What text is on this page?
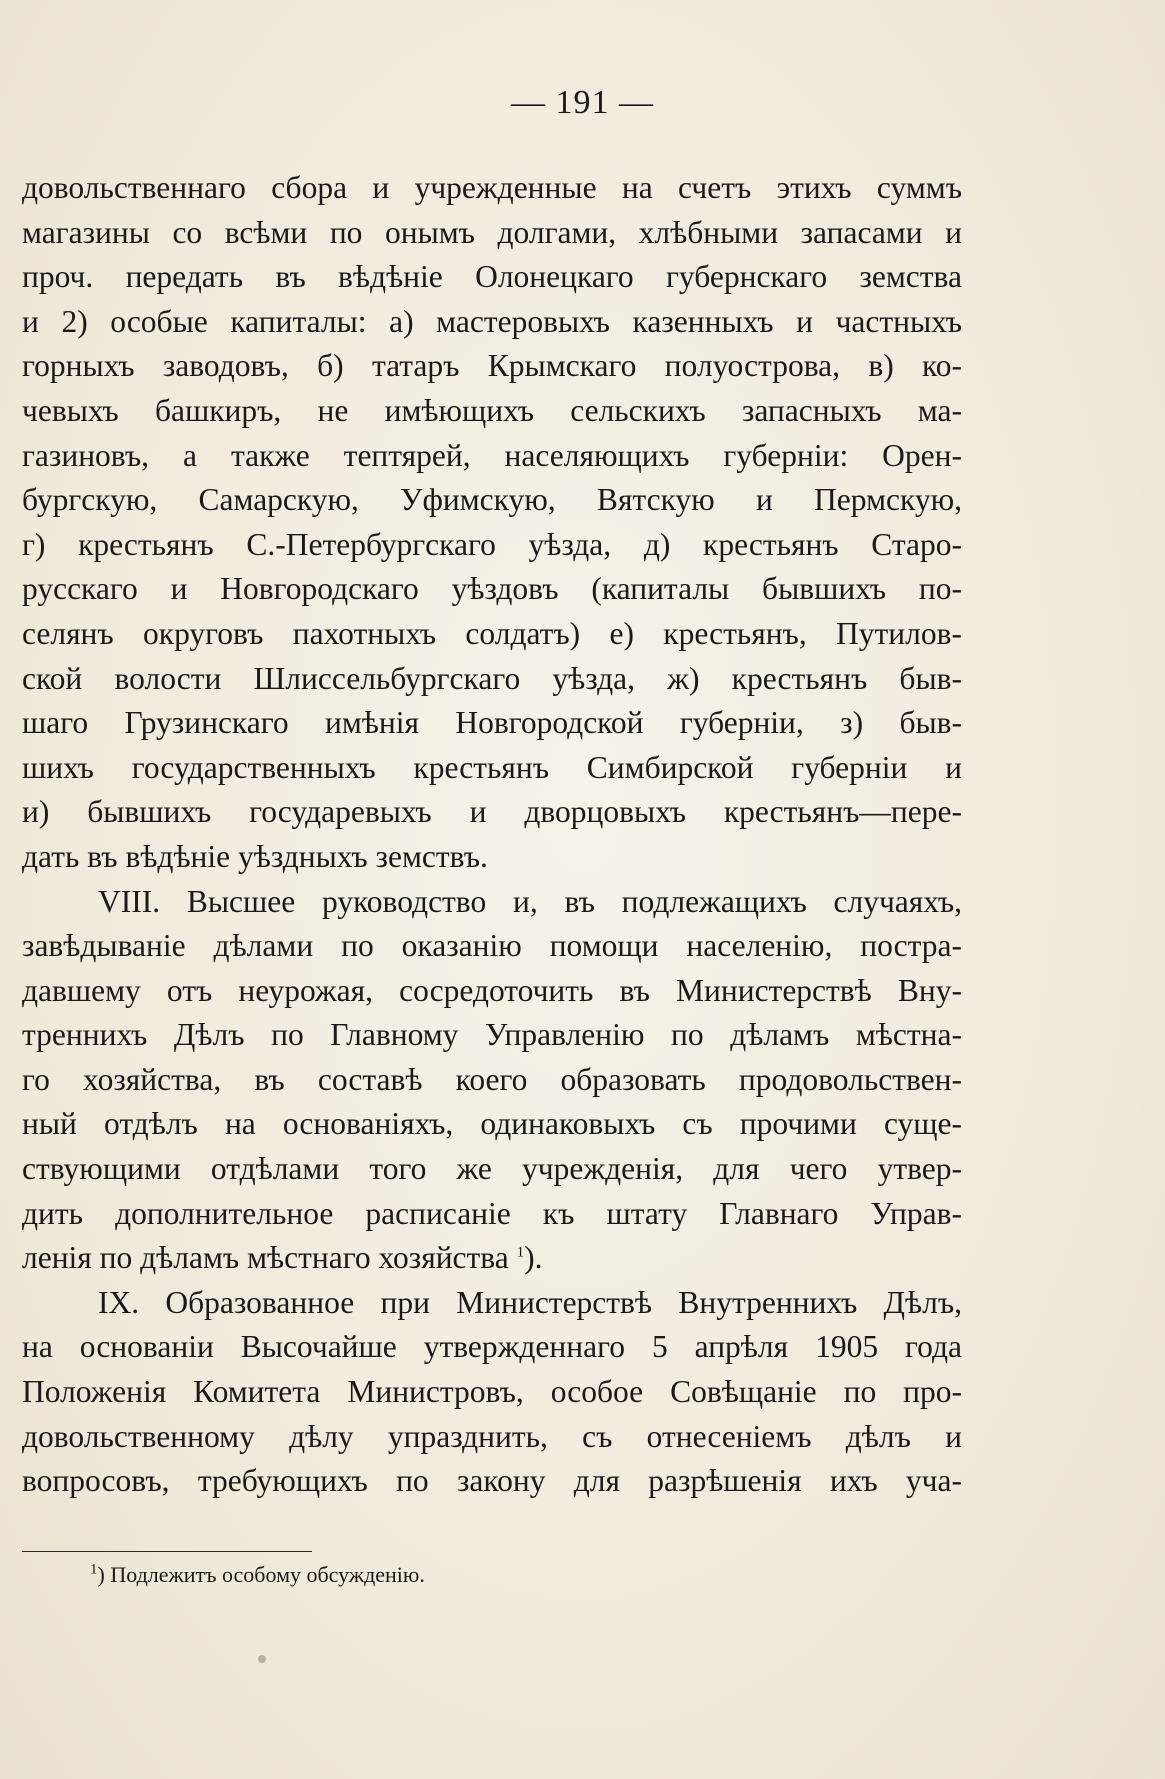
— 191 —
довольственнаго сбора и учрежденные на счетъ этихъ суммъ
магазины со всѣми по онымъ долгами, хлѣбными запасами и
проч. передать въ вѣдѣніе Олонецкаго губернскаго земства
и 2) особые капиталы: а) мастеровыхъ казенныхъ и частныхъ
горныхъ заводовъ, б) татаръ Крымскаго полуострова, в) ко-
чевыхъ башкиръ, не имѣющихъ сельскихъ запасныхъ ма-
газиновъ, а также тептярей, населяющихъ губерніи: Орен-
бургскую, Самарскую, Уфимскую, Вятскую и Пермскую,
г) крестьянъ С.-Петербургскаго уѣзда, д) крестьянъ Старо-
русскаго и Новгородскаго уѣздовъ (капиталы бывшихъ по-
селянъ округовъ пахотныхъ солдатъ) е) крестьянъ, Путилов-
ской волости Шлиссельбургскаго уѣзда, ж) крестьянъ быв-
шаго Грузинскаго имѣнія Новгородской губерніи, з) быв-
шихъ государственныхъ крестьянъ Симбирской губерніи и
и) бывшихъ государевыхъ и дворцовыхъ крестьянъ—пере-
дать въ вѣдѣніе уѣздныхъ земствъ.
VIII. Высшее руководство и, въ подлежащихъ случаяхъ,
завѣдываніе дѣлами по оказанію помощи населенію, постра-
давшему отъ неурожая, сосредоточить въ Министерствѣ Вну-
треннихъ Дѣлъ по Главному Управленію по дѣламъ мѣстна-
го хозяйства, въ составѣ коего образовать продовольствен-
ный отдѣлъ на основаніяхъ, одинаковыхъ съ прочими суще-
ствующими отдѣлами того же учрежденія, для чего утвер-
дить дополнительное расписаніе къ штату Главнаго Управ-
ленія по дѣламъ мѣстнаго хозяйства $^1$).
IX. Образованное при Министерствѣ Внутреннихъ Дѣлъ,
на основаніи Высочайше утвержденнаго 5 апрѣля 1905 года
Положенія Комитета Министровъ, особое Совѣщаніе по про-
довольственному дѣлу упразднить, съ отнесеніемъ дѣлъ и
вопросовъ, требующихъ по закону для разрѣшенія ихъ уча-
$^1$) Подлежитъ особому обсужденію.
